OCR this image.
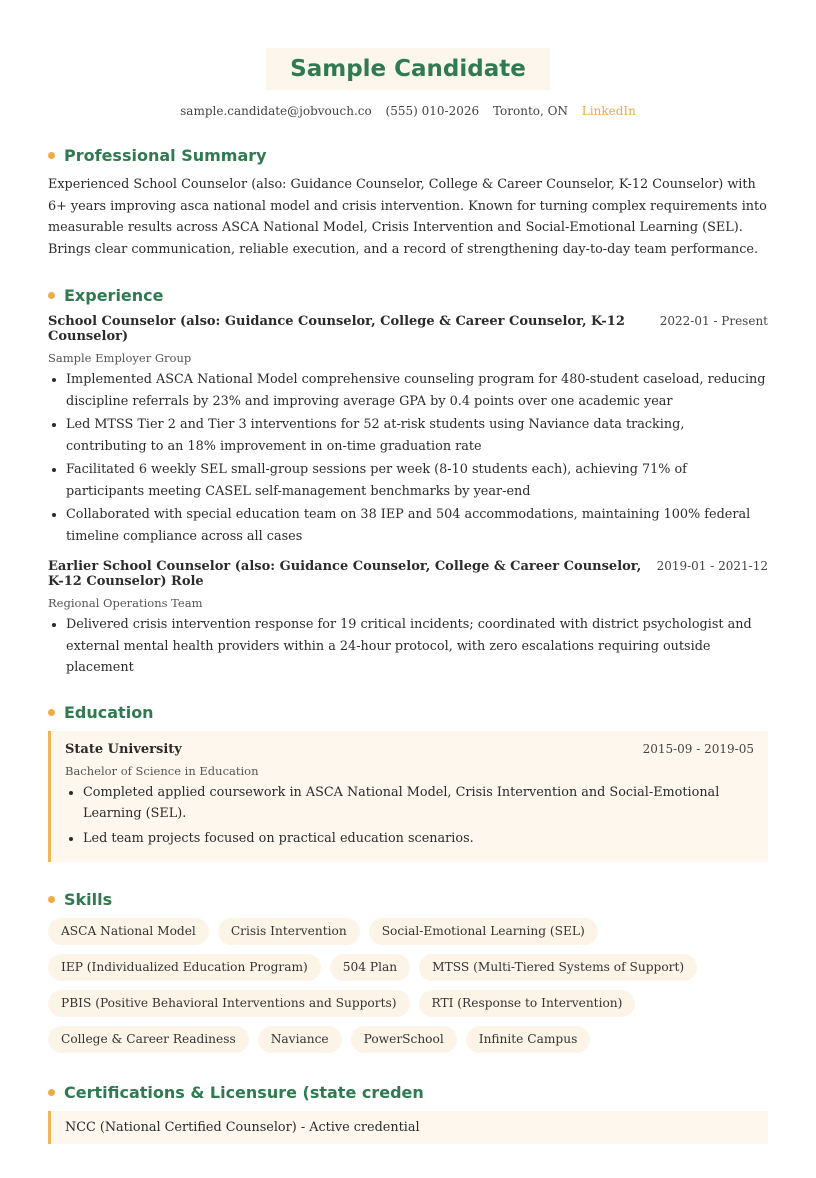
Sample Candidate
sample.candidate@jobvouch.co (555) 010-2026 Toronto, ON LinkedIn
Professional Summary

Experienced School Counselor (also: Guidance Counselor, College & Career Counselor, K-12 Counselor) with 6+ years improving asca national model and crisis intervention. Known for turning complex requirements into measurable results across ASCA National Model, Crisis Intervention and Social-Emotional Learning (SEL). Brings clear communication, reliable execution, and a record of strengthening day-to-day team performance.

Experience
School Counselor (also: Guidance Counselor, College & Career Counselor, K-12 Counselor)
2022-01 - Present
Sample Employer Group
• Implemented ASCA National Model comprehensive counseling program for 480-student caseload, reducing discipline referrals by 23% and improving average GPA by 0.4 points over one academic year
• Led MTSS Tier 2 and Tier 3 interventions for 52 at-risk students using Naviance data tracking, contributing to an 18% improvement in on-time graduation rate
• Facilitated 6 weekly SEL small-group sessions per week (8-10 students each), achieving 71% of participants meeting CASEL self-management benchmarks by year-end
• Collaborated with special education team on 38 IEP and 504 accommodations, maintaining 100% federal timeline compliance across all cases
Earlier School Counselor (also: Guidance Counselor, College & Career Counselor, K-12 Counselor) Role
2019-01 - 2021-12
Regional Operations Team
• Delivered crisis intervention response for 19 critical incidents; coordinated with district psychologist and external mental health providers within a 24-hour protocol, with zero escalations requiring outside placement
Education
State University	2015-09 - 2019-05
Bachelor of Science in Education
• Completed applied coursework in ASCA National Model, Crisis Intervention and Social-Emotional Learning (SEL).
• Led team projects focused on practical education scenarios.
Skills
ASCA National Model	Crisis Intervention	Social-Emotional Learning (SEL)
IEP (Individualized Education Program)	504 Plan	MTSS (Multi-Tiered Systems of Support)
PBIS (Positive Behavioral Interventions and Supports)	RTI (Response to Intervention)
College & Career Readiness	Naviance	PowerSchool	Infinite Campus
Certifications & Licensure (state creden
NCC (National Certified Counselor) - Active credential
